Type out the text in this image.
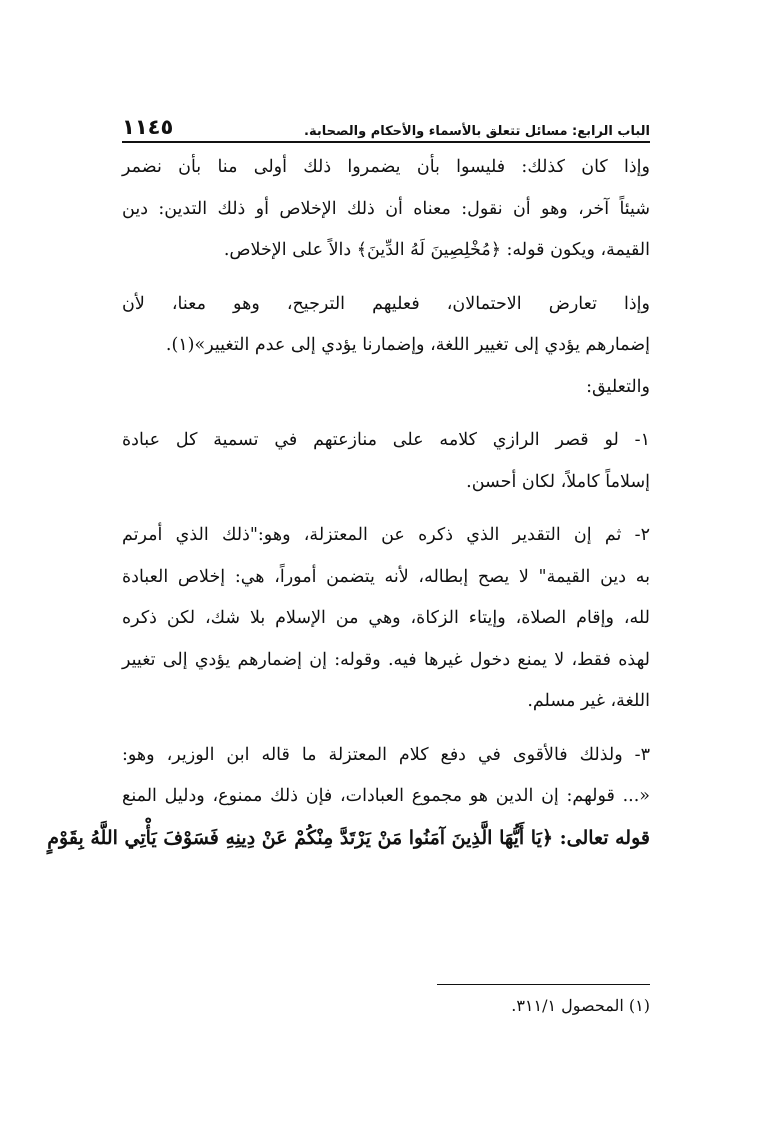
الباب الرابع: مسائل تتعلق بالأسماء والأحكام والصحابة.
١١٤٥
وإذا كان كذلك: فليسوا بأن يضمروا ذلك أولى منا بأن نضمر
شيئاً آخر، وهو أن نقول: معناه أن ذلك الإخلاص أو ذلك التدين: دين
القيمة، ويكون قوله: ﴿مُخْلِصِينَ لَهُ الدِّينَ﴾ دالاً على الإخلاص.
وإذا تعارض الاحتمالان، فعليهم الترجيح، وهو معنا، لأن
إضمارهم يؤدي إلى تغيير اللغة، وإضمارنا يؤدي إلى عدم التغيير»(١).
والتعليق:
١- لو قصر الرازي كلامه على منازعتهم في تسمية كل عبادة
إسلاماً كاملاً، لكان أحسن.
٢- ثم إن التقدير الذي ذكره عن المعتزلة، وهو:"ذلك الذي أمرتم
به دين القيمة" لا يصح إبطاله، لأنه يتضمن أموراً، هي: إخلاص العبادة
لله، وإقام الصلاة، وإيتاء الزكاة، وهي من الإسلام بلا شك، لكن ذكره
لهذه فقط، لا يمنع دخول غيرها فيه. وقوله: إن إضمارهم يؤدي إلى تغيير
اللغة، غير مسلم.
٣- ولذلك فالأقوى في دفع كلام المعتزلة ما قاله ابن الوزير، وهو:
«... قولهم: إن الدين هو مجموع العبادات، فإن ذلك ممنوع، ودليل المنع
قوله تعالى: ﴿يَا أَيُّهَا الَّذِينَ آمَنُوا مَنْ يَرْتَدَّ مِنْكُمْ عَنْ دِينِهِ فَسَوْفَ يَأْتِي اللَّهُ بِقَوْمٍ
(١) المحصول ٣١١/١.
